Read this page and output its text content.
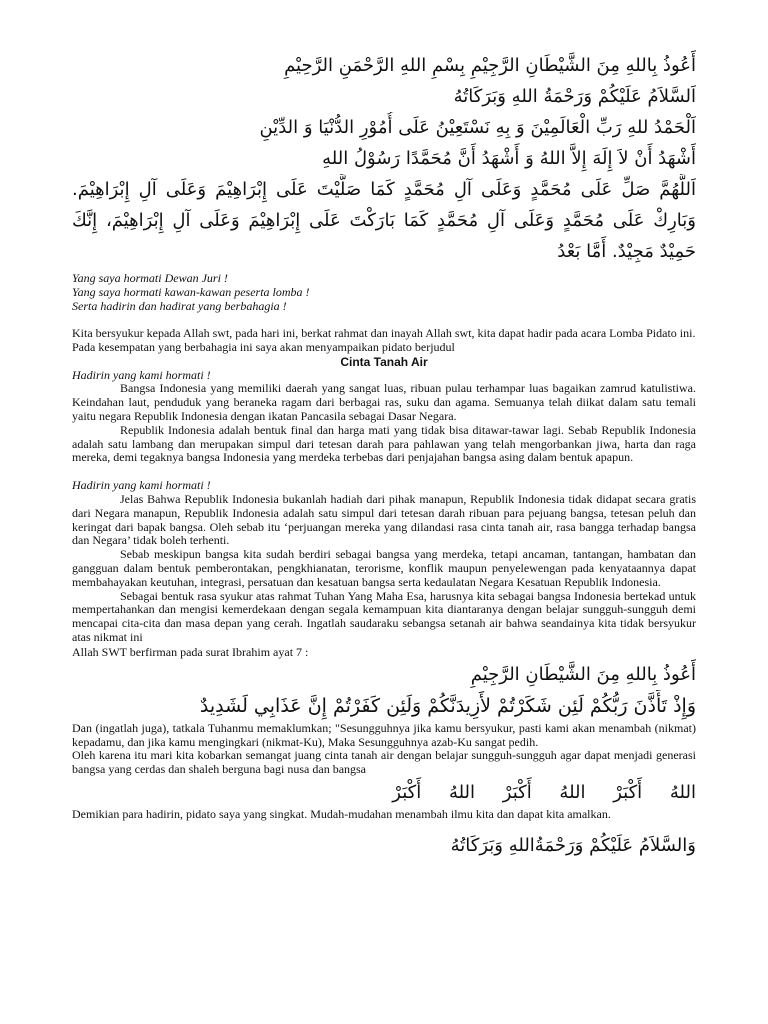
أَعُوذُ بِاللهِ مِنَ الشَّيْطَانِ الرَّجِيْمِ بِسْمِ اللهِ الرَّحْمَنِ الرَّحِيْمِ
اَلسَّلاَمُ عَلَيْكُمْ وَرَحْمَةُ اللهِ وَبَرَكَاتُهُ
اَلْحَمْدُ للهِ رَبِّ الْعَالَمِيْنَ وَ بِهِ نَسْتَعِيْنُ عَلَى أُمُوْرِ الدُّنْيَا وَ الدِّيْنِ
أَشْهَدُ أَنْ لاَ إِلَهَ إِلاَّ اللهُ وَ أَشْهَدُ أَنَّ مُحَمَّدًا رَسُوْلُ اللهِ
اَللَّهُمَّ صَلِّ عَلَى مُحَمَّدٍ وَعَلَى آلِ مُحَمَّدٍ كَمَا صَلَّيْتَ عَلَى إِبْرَاهِيْمَ وَعَلَى آلِ إِبْرَاهِيْمَ. وَبَارِكْ عَلَى مُحَمَّدٍ وَعَلَى آلِ مُحَمَّدٍ كَمَا بَارَكْتَ عَلَى إِبْرَاهِيْمَ وَعَلَى آلِ إِبْرَاهِيْمَ، إِنَّكَ حَمِيْدٌ مَجِيْدٌ. أَمَّا بَعْدُ
Yang saya hormati Dewan Juri !
Yang saya hormati kawan-kawan peserta lomba !
Serta hadirin dan hadirat yang berbahagia !

Kita bersyukur kepada Allah swt, pada hari ini, berkat rahmat dan inayah Allah swt, kita dapat hadir pada acara Lomba Pidato ini.

Pada kesempatan yang berbahagia ini saya akan menyampaikan pidato berjudul

Cinta Tanah Air

Hadirin yang kami hormati !

Bangsa Indonesia yang memiliki daerah yang sangat luas, ribuan pulau terhampar luas bagaikan zamrud katulistiwa. Keindahan laut, penduduk yang beraneka ragam dari berbagai ras, suku dan agama. Semuanya telah diikat dalam satu temali yaitu negara Republik Indonesia dengan ikatan Pancasila sebagai Dasar Negara.

Republik Indonesia adalah bentuk final dan harga mati yang tidak bisa ditawar-tawar lagi. Sebab Republik Indonesia adalah satu lambang dan merupakan simpul dari tetesan darah para pahlawan yang telah mengorbankan jiwa, harta dan raga mereka, demi tegaknya bangsa Indonesia yang merdeka terbebas dari penjajahan bangsa asing dalam bentuk apapun.

Hadirin yang kami hormati !

Jelas Bahwa Republik Indonesia bukanlah hadiah dari pihak manapun, Republik Indonesia tidak didapat secara gratis dari Negara manapun, Republik Indonesia adalah satu simpul dari tetesan darah ribuan para pejuang bangsa, tetesan peluh dan keringat dari bapak bangsa. Oleh sebab itu ‘perjuangan mereka yang dilandasi rasa cinta tanah air, rasa bangga terhadap bangsa dan Negara’ tidak boleh terhenti.

Sebab meskipun bangsa kita sudah berdiri sebagai bangsa yang merdeka, tetapi ancaman, tantangan, hambatan dan gangguan dalam bentuk pemberontakan, pengkhianatan, terorisme, konflik maupun penyelewengan pada kenyataannya dapat membahayakan keutuhan, integrasi, persatuan dan kesatuan bangsa serta kedaulatan Negara Kesatuan Republik Indonesia.

Sebagai bentuk rasa syukur atas rahmat Tuhan Yang Maha Esa, harusnya kita sebagai bangsa Indonesia bertekad untuk mempertahankan dan mengisi kemerdekaan dengan segala kemampuan kita diantaranya dengan belajar sungguh-sungguh demi mencapai cita-cita dan masa depan yang cerah. Ingatlah saudaraku sebangsa setanah air bahwa seandainya kita tidak bersyukur atas nikmat ini

Allah SWT berfirman pada surat Ibrahim ayat 7 :

أَعُوذُ بِاللهِ مِنَ الشَّيْطَانِ الرَّجِيْمِ
وَإِذْ تَأَذَّنَ رَبُّكُمْ لَئِن شَكَرْتُمْ لأَزِيدَنَّكُمْ وَلَئِن كَفَرْتُمْ إِنَّ عَذَابِي لَشَدِيدٌ

Dan (ingatlah juga), tatkala Tuhanmu memaklumkan; "Sesungguhnya jika kamu bersyukur, pasti kami akan menambah (nikmat) kepadamu, dan jika kamu mengingkari (nikmat-Ku), Maka Sesungguhnya azab-Ku sangat pedih.

Oleh karena itu mari kita kobarkan semangat juang cinta tanah air dengan belajar sungguh-sungguh agar dapat menjadi generasi bangsa yang cerdas dan shaleh berguna bagi nusa dan bangsa

اللهُ أَكْبَرْ اللهُ أَكْبَرْ اللهُ أَكْبَرْ

Demikian para hadirin, pidato saya yang singkat. Mudah-mudahan menambah ilmu kita dan dapat kita amalkan.

وَالسَّلاَمُ عَلَيْكُمْ وَرَحْمَةُاللهِ وَبَرَكَاتُهُ
